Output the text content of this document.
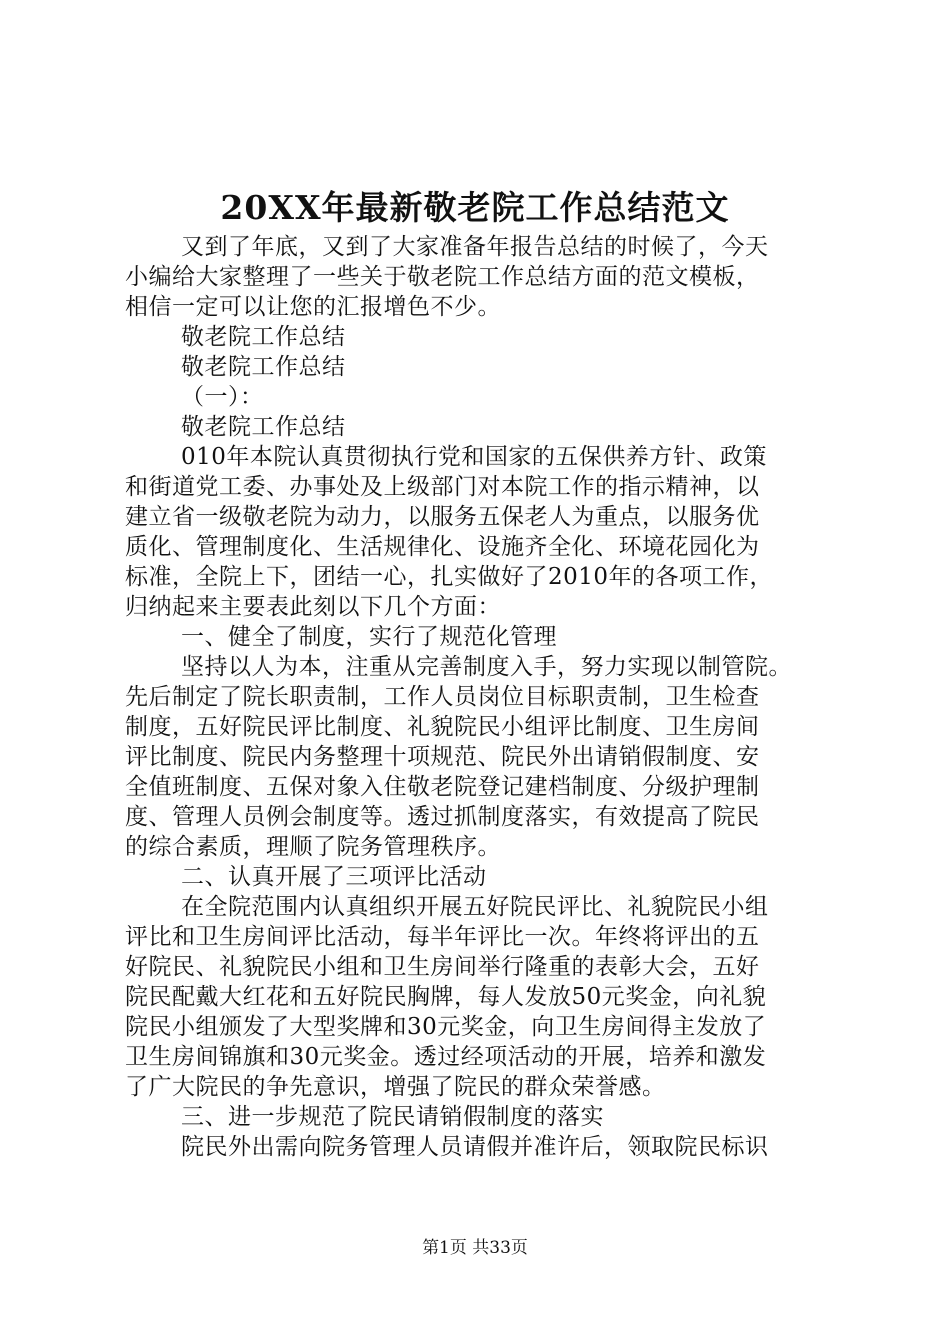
20XX年最新敬老院工作总结范文
又到了年底，又到了大家准备年报告总结的时候了，今天
小编给大家整理了一些关于敬老院工作总结方面的范文模板，
相信一定可以让您的汇报增色不少。
敬老院工作总结
敬老院工作总结
（一）：
敬老院工作总结
010年本院认真贯彻执行党和国家的五保供养方针、政策
和街道党工委、办事处及上级部门对本院工作的指示精神，以
建立省一级敬老院为动力，以服务五保老人为重点，以服务优
质化、管理制度化、生活规律化、设施齐全化、环境花园化为
标准，全院上下，团结一心，扎实做好了2010年的各项工作，
归纳起来主要表此刻以下几个方面：
一、健全了制度，实行了规范化管理
坚持以人为本，注重从完善制度入手，努力实现以制管院。
先后制定了院长职责制，工作人员岗位目标职责制，卫生检查
制度，五好院民评比制度、礼貌院民小组评比制度、卫生房间
评比制度、院民内务整理十项规范、院民外出请销假制度、安
全值班制度、五保对象入住敬老院登记建档制度、分级护理制
度、管理人员例会制度等。透过抓制度落实，有效提高了院民
的综合素质，理顺了院务管理秩序。
二、认真开展了三项评比活动
在全院范围内认真组织开展五好院民评比、礼貌院民小组
评比和卫生房间评比活动，每半年评比一次。年终将评出的五
好院民、礼貌院民小组和卫生房间举行隆重的表彰大会，五好
院民配戴大红花和五好院民胸牌，每人发放50元奖金，向礼貌
院民小组颁发了大型奖牌和30元奖金，向卫生房间得主发放了
卫生房间锦旗和30元奖金。透过经项活动的开展，培养和激发
了广大院民的争先意识，增强了院民的群众荣誉感。
三、进一步规范了院民请销假制度的落实
院民外出需向院务管理人员请假并准许后，领取院民标识
第1页 共33页
